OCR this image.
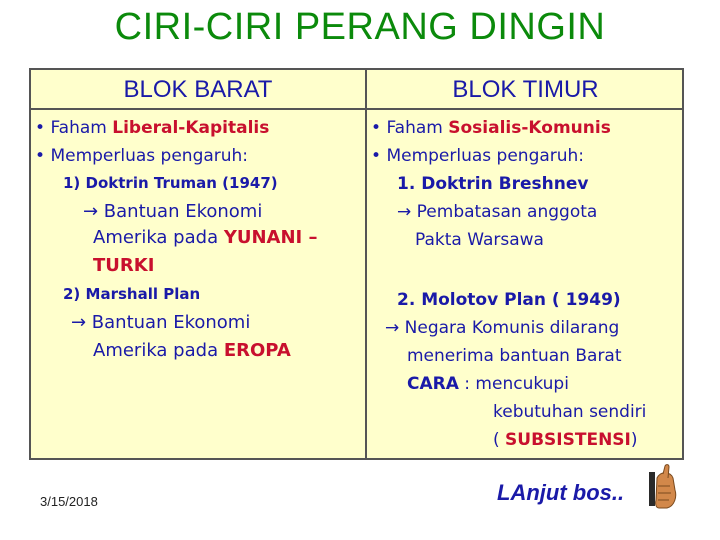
CIRI-CIRI PERANG DINGIN
BLOK BARAT	BLOK TIMUR
• Faham Liberal-Kapitalis
• Memperluas pengaruh:
1) Doktrin Truman (1947)
→ Bantuan Ekonomi
Amerika pada YUNANI –
TURKI
2) Marshall Plan
→ Bantuan Ekonomi
Amerika pada EROPA
• Faham Sosialis-Komunis
• Memperluas pengaruh:
1. Doktrin Breshnev
→ Pembatasan anggota
Pakta Warsawa
2. Molotov Plan ( 1949)
→ Negara Komunis dilarang
menerima bantuan Barat
CARA : mencukupi
kebutuhan sendiri
( SUBSISTENSI)
3/15/2018	LAnjut bos..
